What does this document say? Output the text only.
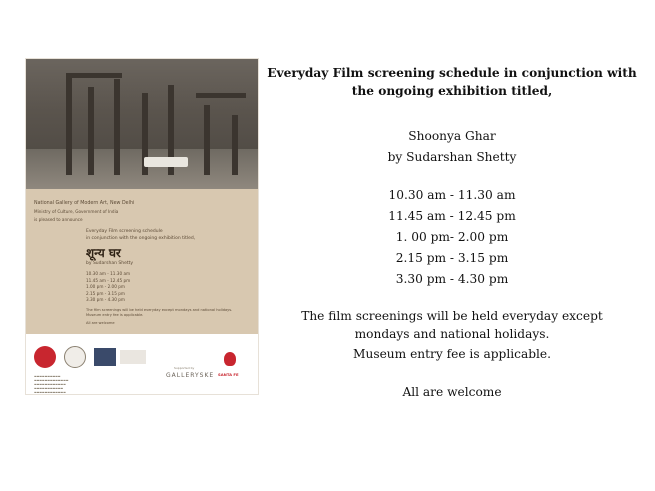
National Gallery of Modern Art, New Delhi
Ministry of Culture, Government of India
is pleased to announce
Everyday Film screening schedule
in conjunction with the ongoing exhibition titled,
शून्य घर
by Sudarshan Shetty
10.30 am - 11.30 am
11.45 am - 12.45 pm
1.00 pm - 2.00 pm
2.15 pm - 3.15 pm
3.30 pm - 4.30 pm
The film screenings will be held everyday except mondays and national holidays.
Museum entry fee is applicable.
All are welcome
▬▬▬▬▬▬▬▬▬▬
▬▬▬▬▬▬▬▬▬▬▬▬▬
▬▬▬▬▬▬▬▬▬▬▬▬
▬▬▬▬▬▬▬▬▬▬▬
▬▬▬▬▬▬▬▬▬▬▬▬
Supported by
GALLERYSKE SANTA FE

Everyday Film screening schedule in conjunction with

the ongoing exhibition titled,

Shoonya Ghar

by Sudarshan Shetty

10.30 am - 11.30 am

11.45 am - 12.45 pm

1. 00 pm- 2.00 pm

2.15 pm - 3.15 pm

3.30 pm - 4.30 pm

The film screenings will be held everyday except

mondays and national holidays.

Museum entry fee is applicable.

All are welcome
